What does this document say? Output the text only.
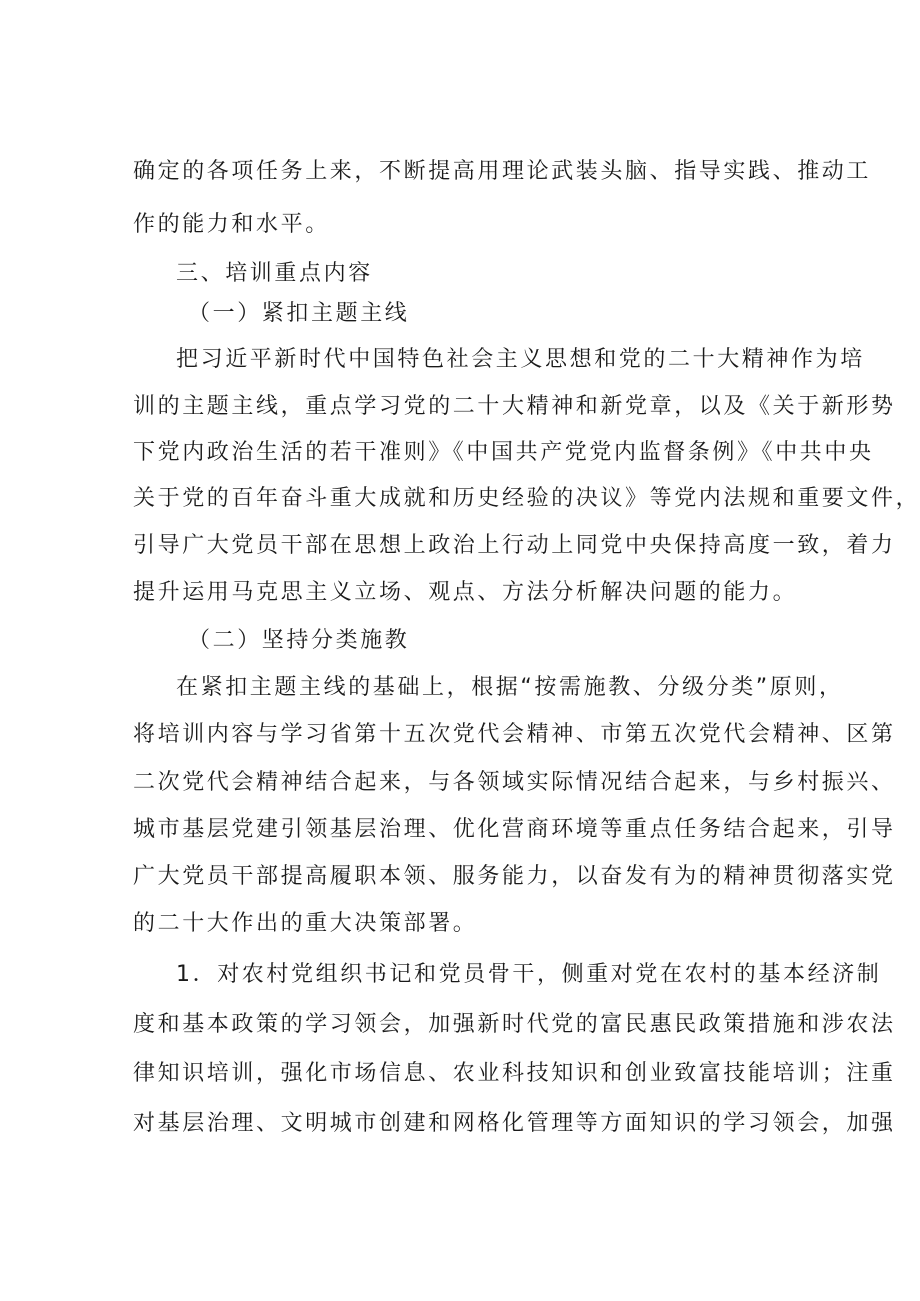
确定的各项任务上来，不断提高用理论武装头脑、指导实践、推动工
作的能力和水平。
三、培训重点内容
（一）紧扣主题主线
把习近平新时代中国特色社会主义思想和党的二十大精神作为培
训的主题主线，重点学习党的二十大精神和新党章，以及《关于新形势
下党内政治生活的若干准则》《中国共产党党内监督条例》《中共中央
关于党的百年奋斗重大成就和历史经验的决议》等党内法规和重要文件，
引导广大党员干部在思想上政治上行动上同党中央保持高度一致，着力
提升运用马克思主义立场、观点、方法分析解决问题的能力。
（二）坚持分类施教
在紧扣主题主线的基础上，根据“按需施教、分级分类”原则，
将培训内容与学习省第十五次党代会精神、市第五次党代会精神、区第
二次党代会精神结合起来，与各领域实际情况结合起来，与乡村振兴、
城市基层党建引领基层治理、优化营商环境等重点任务结合起来，引导
广大党员干部提高履职本领、服务能力，以奋发有为的精神贯彻落实党
的二十大作出的重大决策部署。
1．对农村党组织书记和党员骨干，侧重对党在农村的基本经济制
度和基本政策的学习领会，加强新时代党的富民惠民政策措施和涉农法
律知识培训，强化市场信息、农业科技知识和创业致富技能培训；注重
对基层治理、文明城市创建和网格化管理等方面知识的学习领会，加强
